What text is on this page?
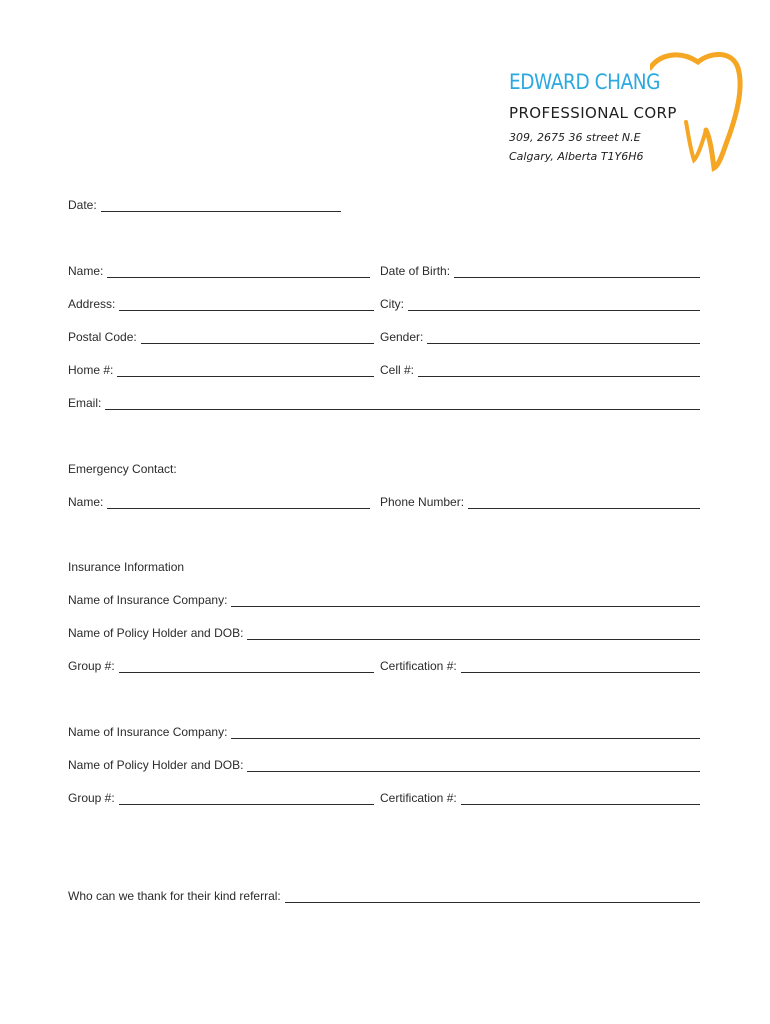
EDWARD CHANG
PROFESSIONAL CORP
309, 2675 36 street N.E
Calgary, Alberta T1Y6H6
Date:
Name:	Date of Birth:
Address:	City:
Postal Code:	Gender:
Home #:	Cell #:
Email:
Emergency Contact:
Name:	Phone Number:
Insurance Information
Name of Insurance Company:
Name of Policy Holder and DOB:
Group #:	Certification #:
Name of Insurance Company:
Name of Policy Holder and DOB:
Group #:	Certification #:
Who can we thank for their kind referral:
